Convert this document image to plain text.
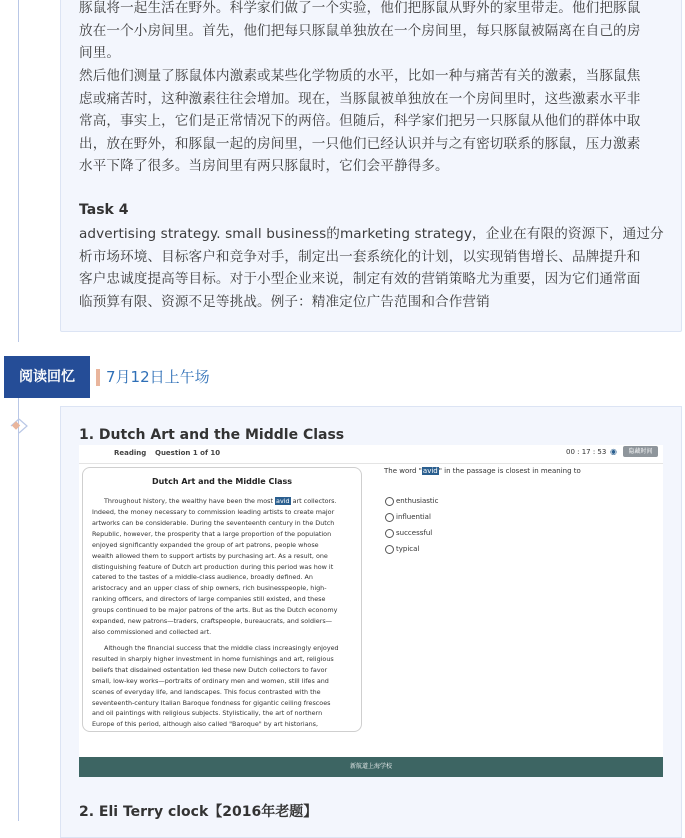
豚鼠将一起生活在野外。科学家们做了一个实验，他们把豚鼠从野外的家里带走。他们把豚鼠
放在一个小房间里。首先，他们把每只豚鼠单独放在一个房间里，每只豚鼠被隔离在自己的房
间里。
然后他们测量了豚鼠体内激素或某些化学物质的水平，比如一种与痛苦有关的激素，当豚鼠焦
虑或痛苦时，这种激素往往会增加。现在，当豚鼠被单独放在一个房间里时，这些激素水平非
常高，事实上，它们是正常情况下的两倍。但随后，科学家们把另一只豚鼠从他们的群体中取
出，放在野外，和豚鼠一起的房间里，一只他们已经认识并与之有密切联系的豚鼠，压力激素
水平下降了很多。当房间里有两只豚鼠时，它们会平静得多。
Task 4
advertising strategy. small business的marketing strategy，企业在有限的资源下，通过分
析市场环境、目标客户和竞争对手，制定出一套系统化的计划，以实现销售增长、品牌提升和
客户忠诚度提高等目标。对于小型企业来说，制定有效的营销策略尤为重要，因为它们通常面
临预算有限、资源不足等挑战。例子：精准定位广告范围和合作营销
阅读回忆	7月12日上午场
1. Dutch Art and the Middle Class
Reading Question 1 of 10	00 : 17 : 53 ◉	隐藏时间
Dutch Art and the Middle Class
Throughout history, the wealthy have been the most avid art collectors.
Indeed, the money necessary to commission leading artists to create major
artworks can be considerable. During the seventeenth century in the Dutch
Republic, however, the prosperity that a large proportion of the population
enjoyed significantly expanded the group of art patrons, people whose
wealth allowed them to support artists by purchasing art. As a result, one
distinguishing feature of Dutch art production during this period was how it
catered to the tastes of a middle-class audience, broadly defined. An
aristocracy and an upper class of ship owners, rich businesspeople, high-
ranking officers, and directors of large companies still existed, and these
groups continued to be major patrons of the arts. But as the Dutch economy
expanded, new patrons—traders, craftspeople, bureaucrats, and soldiers—
also commissioned and collected art.
Although the financial success that the middle class increasingly enjoyed
resulted in sharply higher investment in home furnishings and art, religious
beliefs that disdained ostentation led these new Dutch collectors to favor
small, low-key works—portraits of ordinary men and women, still lifes and
scenes of everyday life, and landscapes. This focus contrasted with the
seventeenth-century Italian Baroque fondness for gigantic ceiling frescoes
and oil paintings with religious subjects. Stylistically, the art of northern
Europe of this period, although also called "Baroque" by art historians,
The word "avid" in the passage is closest in meaning to
enthusiastic
influential
successful
typical
新航道上海学校
2. Eli Terry clock【2016年老题】
